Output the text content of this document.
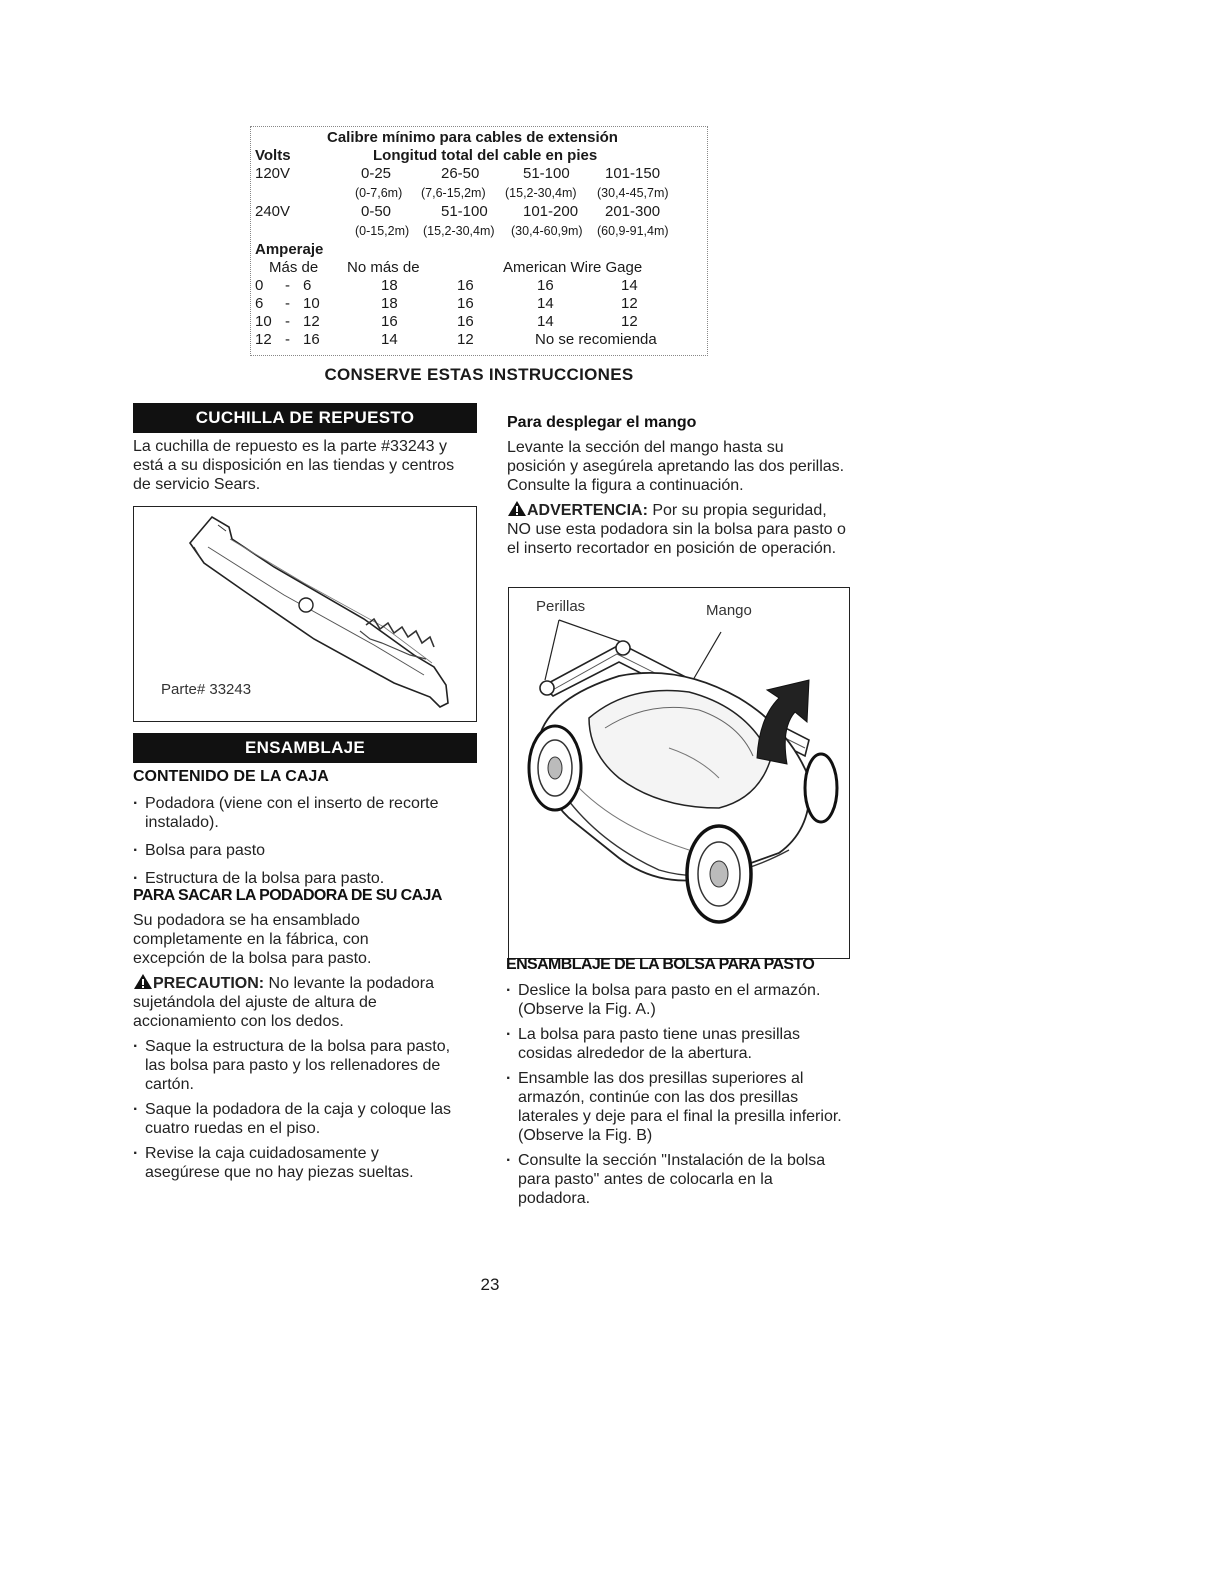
Calibre mínimo para cables de extensión
Volts	Longitud total del cable en pies
120V	0-25	26-50	51-100 101-150
(0-7,6m) (7,6-15,2m) (15,2-30,4m) (30,4-45,7m)
240V	0-50	51-100 101-200 201-300
(0-15,2m) (15,2-30,4m) (30,4-60,9m) (60,9-91,4m)
Amperaje
Más de No más de	American Wire Gage
0 - 6	18	16	16	14
6 - 10	18	16	14	12
10 - 12	16	16	14	12
12 - 16	14	12	No se recomienda
CONSERVE ESTAS INSTRUCCIONES
CUCHILLA DE REPUESTO
La cuchilla de repuesto es la parte #33243 y está a su disposición en las tiendas y centros de servicio Sears.
Parte# 33243
ENSAMBLAJE
CONTENIDO DE LA CAJA
· Podadora (viene con el inserto de recorte instalado).
· Bolsa para pasto
· Estructura de la bolsa para pasto.
PARA SACAR LA PODADORA DE SU CAJA
Su podadora se ha ensamblado completamente en la fábrica, con excepción de la bolsa para pasto.
PRECAUTION: No levante la podadora sujetándola del ajuste de altura de accionamiento con los dedos.
· Saque la estructura de la bolsa para pasto, las bolsa para pasto y los rellenadores de cartón.
· Saque la podadora de la caja y coloque las cuatro ruedas en el piso.
· Revise la caja cuidadosamente y asegúrese que no hay piezas sueltas.
Para desplegar el mango
Levante la sección del mango hasta su posición y asegúrela apretando las dos perillas. Consulte la figura a continuación.
ADVERTENCIA: Por su propia seguridad, NO use esta podadora sin la bolsa para pasto o el inserto recortador en posición de operación.
Perillas	Mango
ENSAMBLAJE DE LA BOLSA PARA PASTO
· Deslice la bolsa para pasto en el armazón. (Observe la Fig. A.)
· La bolsa para pasto tiene unas presillas cosidas alrededor de la abertura.
· Ensamble las dos presillas superiores al armazón, continúe con las dos presillas laterales y deje para el final la presilla inferior. (Observe la Fig. B)
· Consulte la sección "Instalación de la bolsa para pasto" antes de colocarla en la podadora.
23
